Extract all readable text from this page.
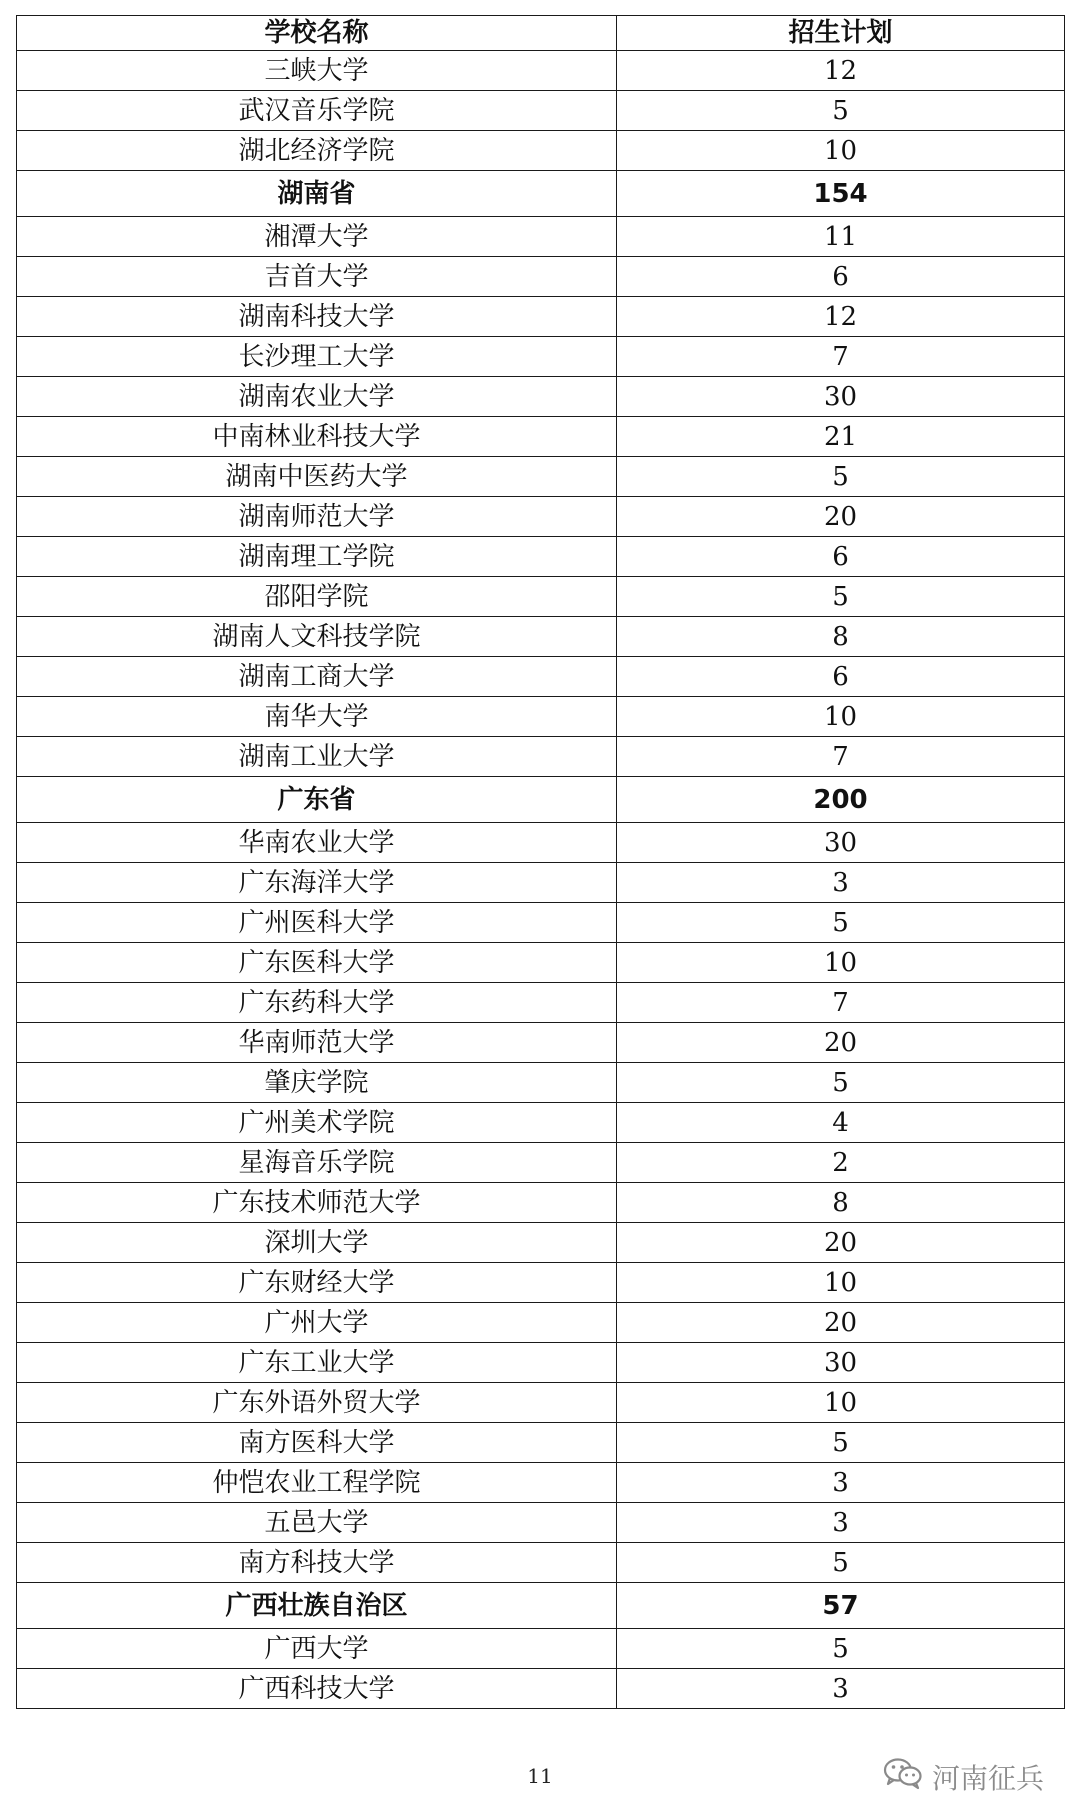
学校名称	招生计划
三峡大学	12
武汉音乐学院	5
湖北经济学院	10
湖南省	154
湘潭大学	11
吉首大学	6
湖南科技大学	12
长沙理工大学	7
湖南农业大学	30
中南林业科技大学	21
湖南中医药大学	5
湖南师范大学	20
湖南理工学院	6
邵阳学院	5
湖南人文科技学院	8
湖南工商大学	6
南华大学	10
湖南工业大学	7
广东省	200
华南农业大学	30
广东海洋大学	3
广州医科大学	5
广东医科大学	10
广东药科大学	7
华南师范大学	20
肇庆学院	5
广州美术学院	4
星海音乐学院	2
广东技术师范大学	8
深圳大学	20
广东财经大学	10
广州大学	20
广东工业大学	30
广东外语外贸大学	10
南方医科大学	5
仲恺农业工程学院	3
五邑大学	3
南方科技大学	5
广西壮族自治区	57
广西大学	5
广西科技大学	3
11	河南征兵
